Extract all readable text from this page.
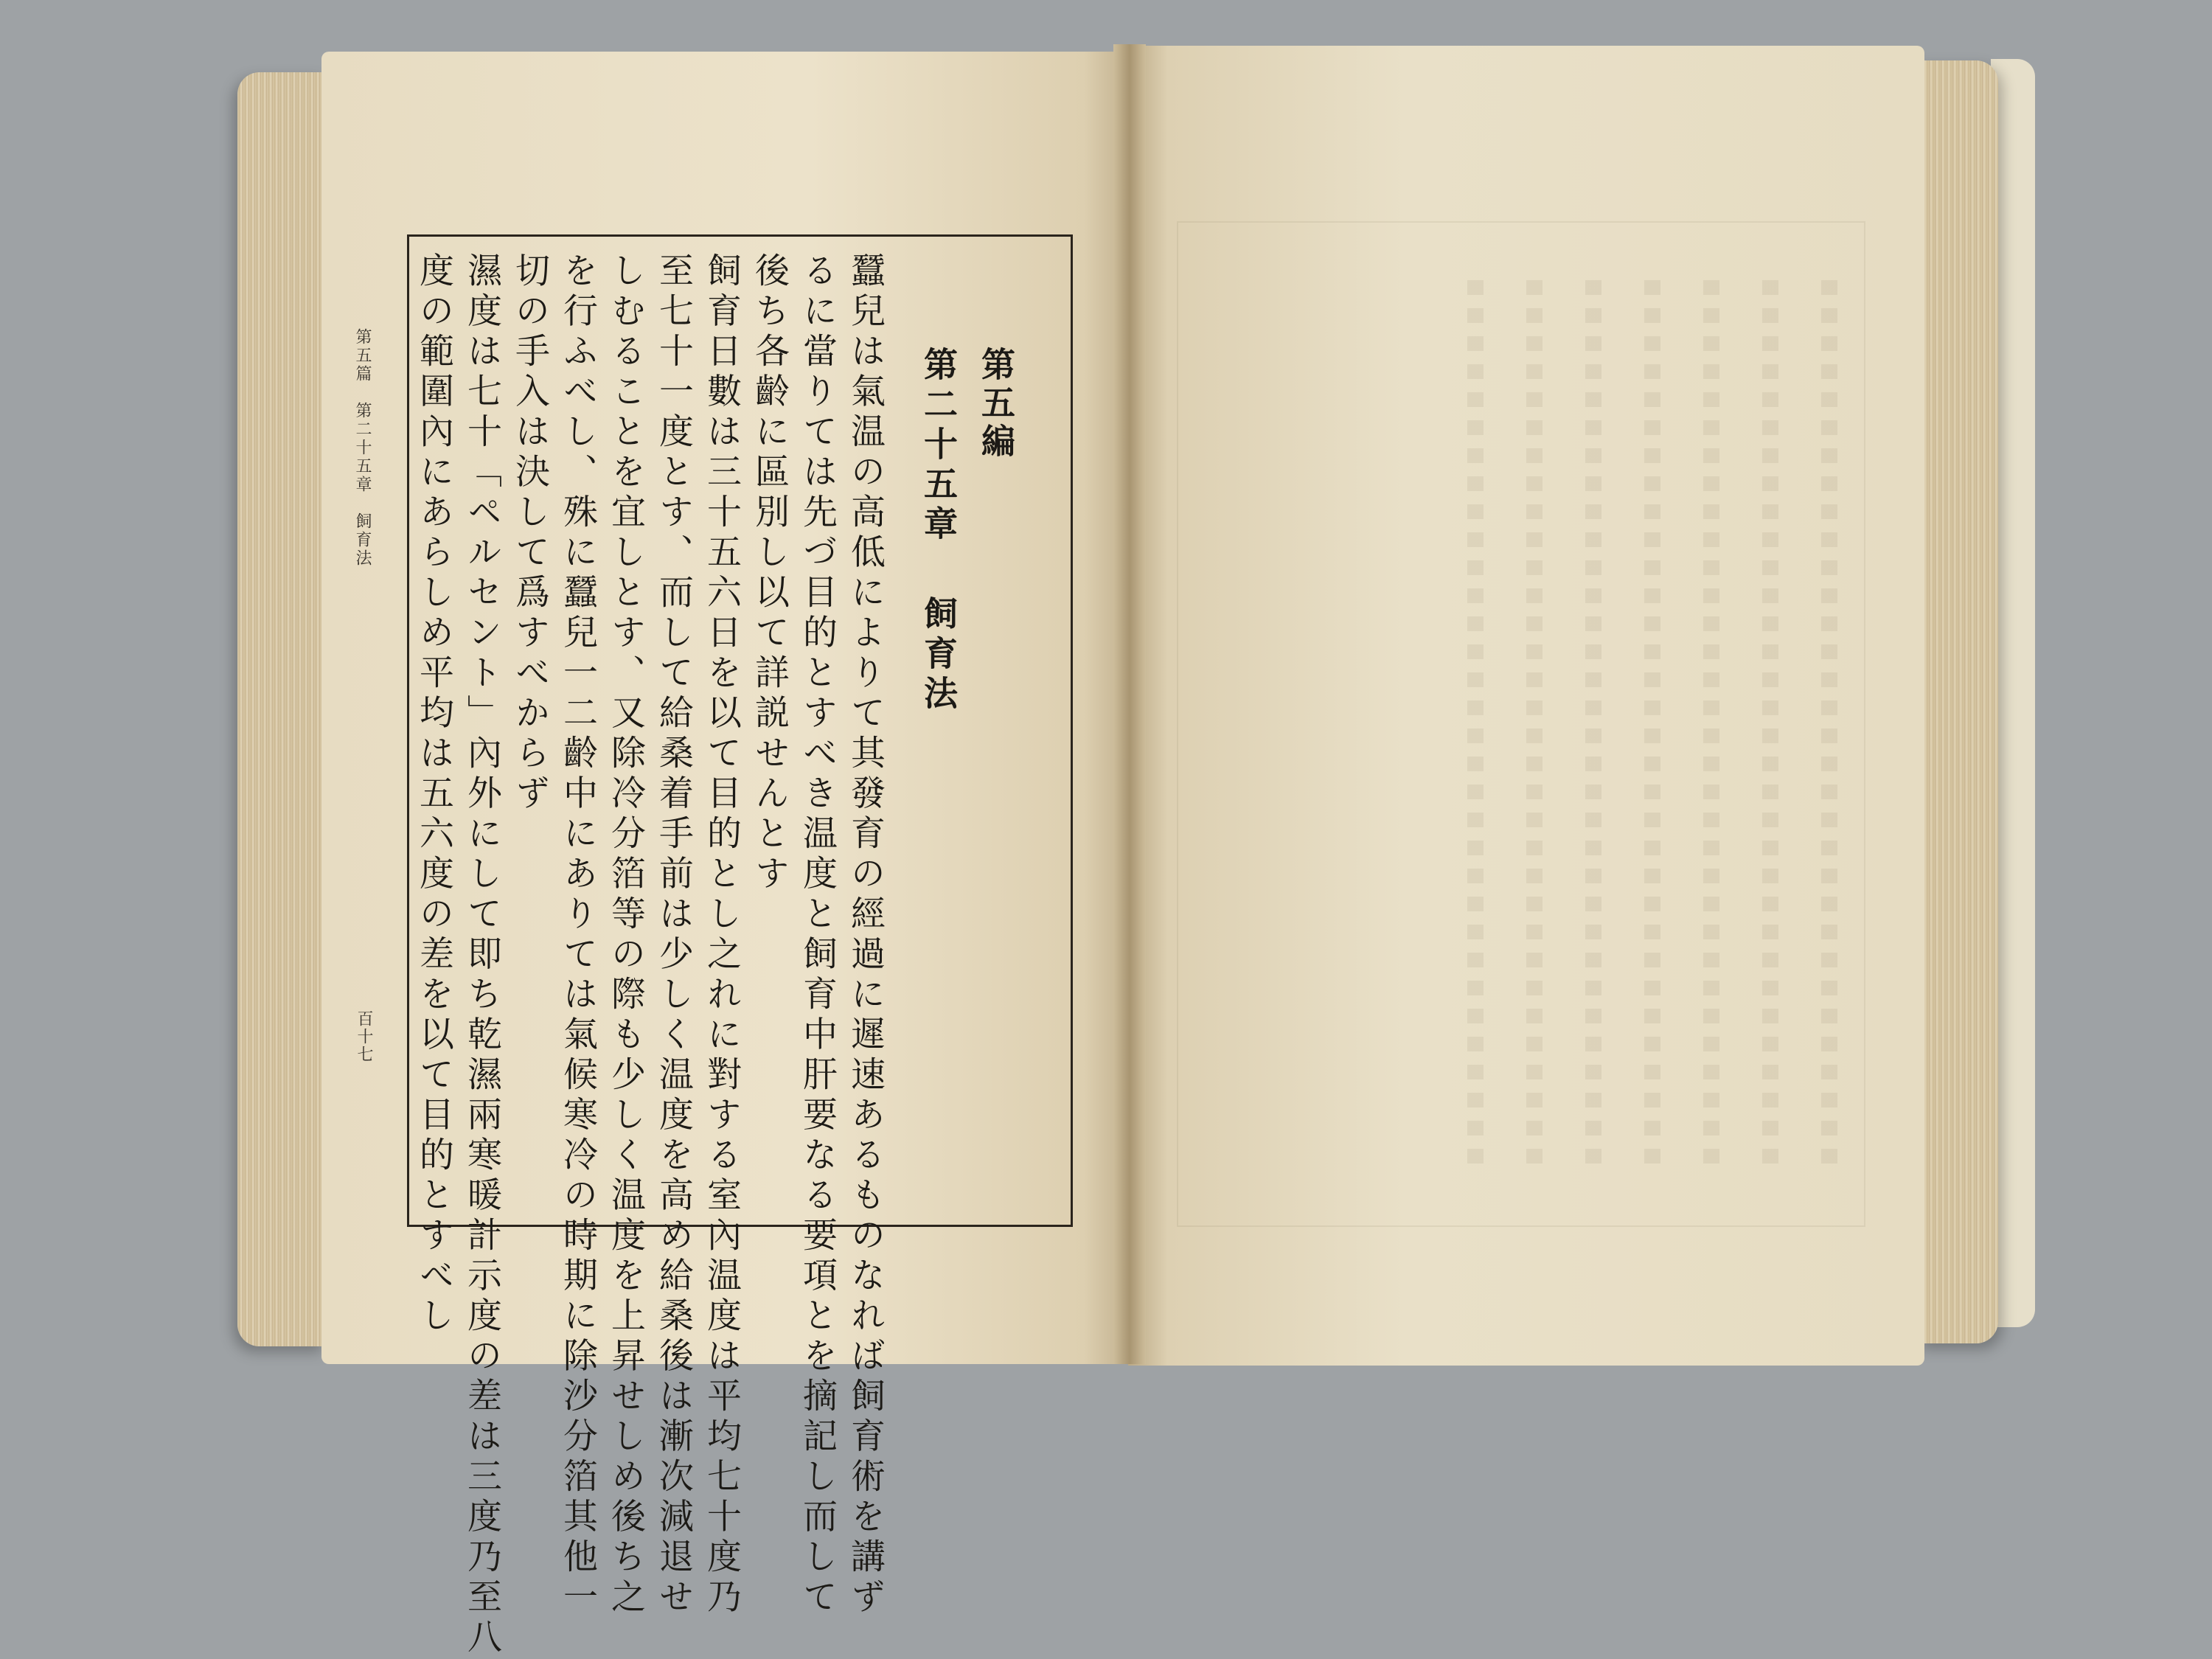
第五篇　第二十五章　飼育法
百十七
第五編
第二十五章飼育法
蠶兒は氣温の高低によりて其發育の經過に遲速あるものなれば飼育術を講ず
るに當りては先づ目的とすべき温度と飼育中肝要なる要項とを摘記し而して
後ち各齡に區別し以て詳説せんとす
飼育日數は三十五六日を以て目的とし之れに對する室內温度は平均七十度乃
至七十一度とす、而して給桑着手前は少しく温度を高め給桑後は漸次減退せ
しむることを宜しとす、又除冷分箔等の際も少しく温度を上昇せしめ後ち之
を行ふべし、殊に蠶兒一二齡中にありては氣候寒冷の時期に除沙分箔其他一
切の手入は決して爲すべからず
濕度は七十「ペルセント」內外にして即ち乾濕兩寒暖計示度の差は三度乃至八
度の範圍內にあらしめ平均は五六度の差を以て目的とすべし
